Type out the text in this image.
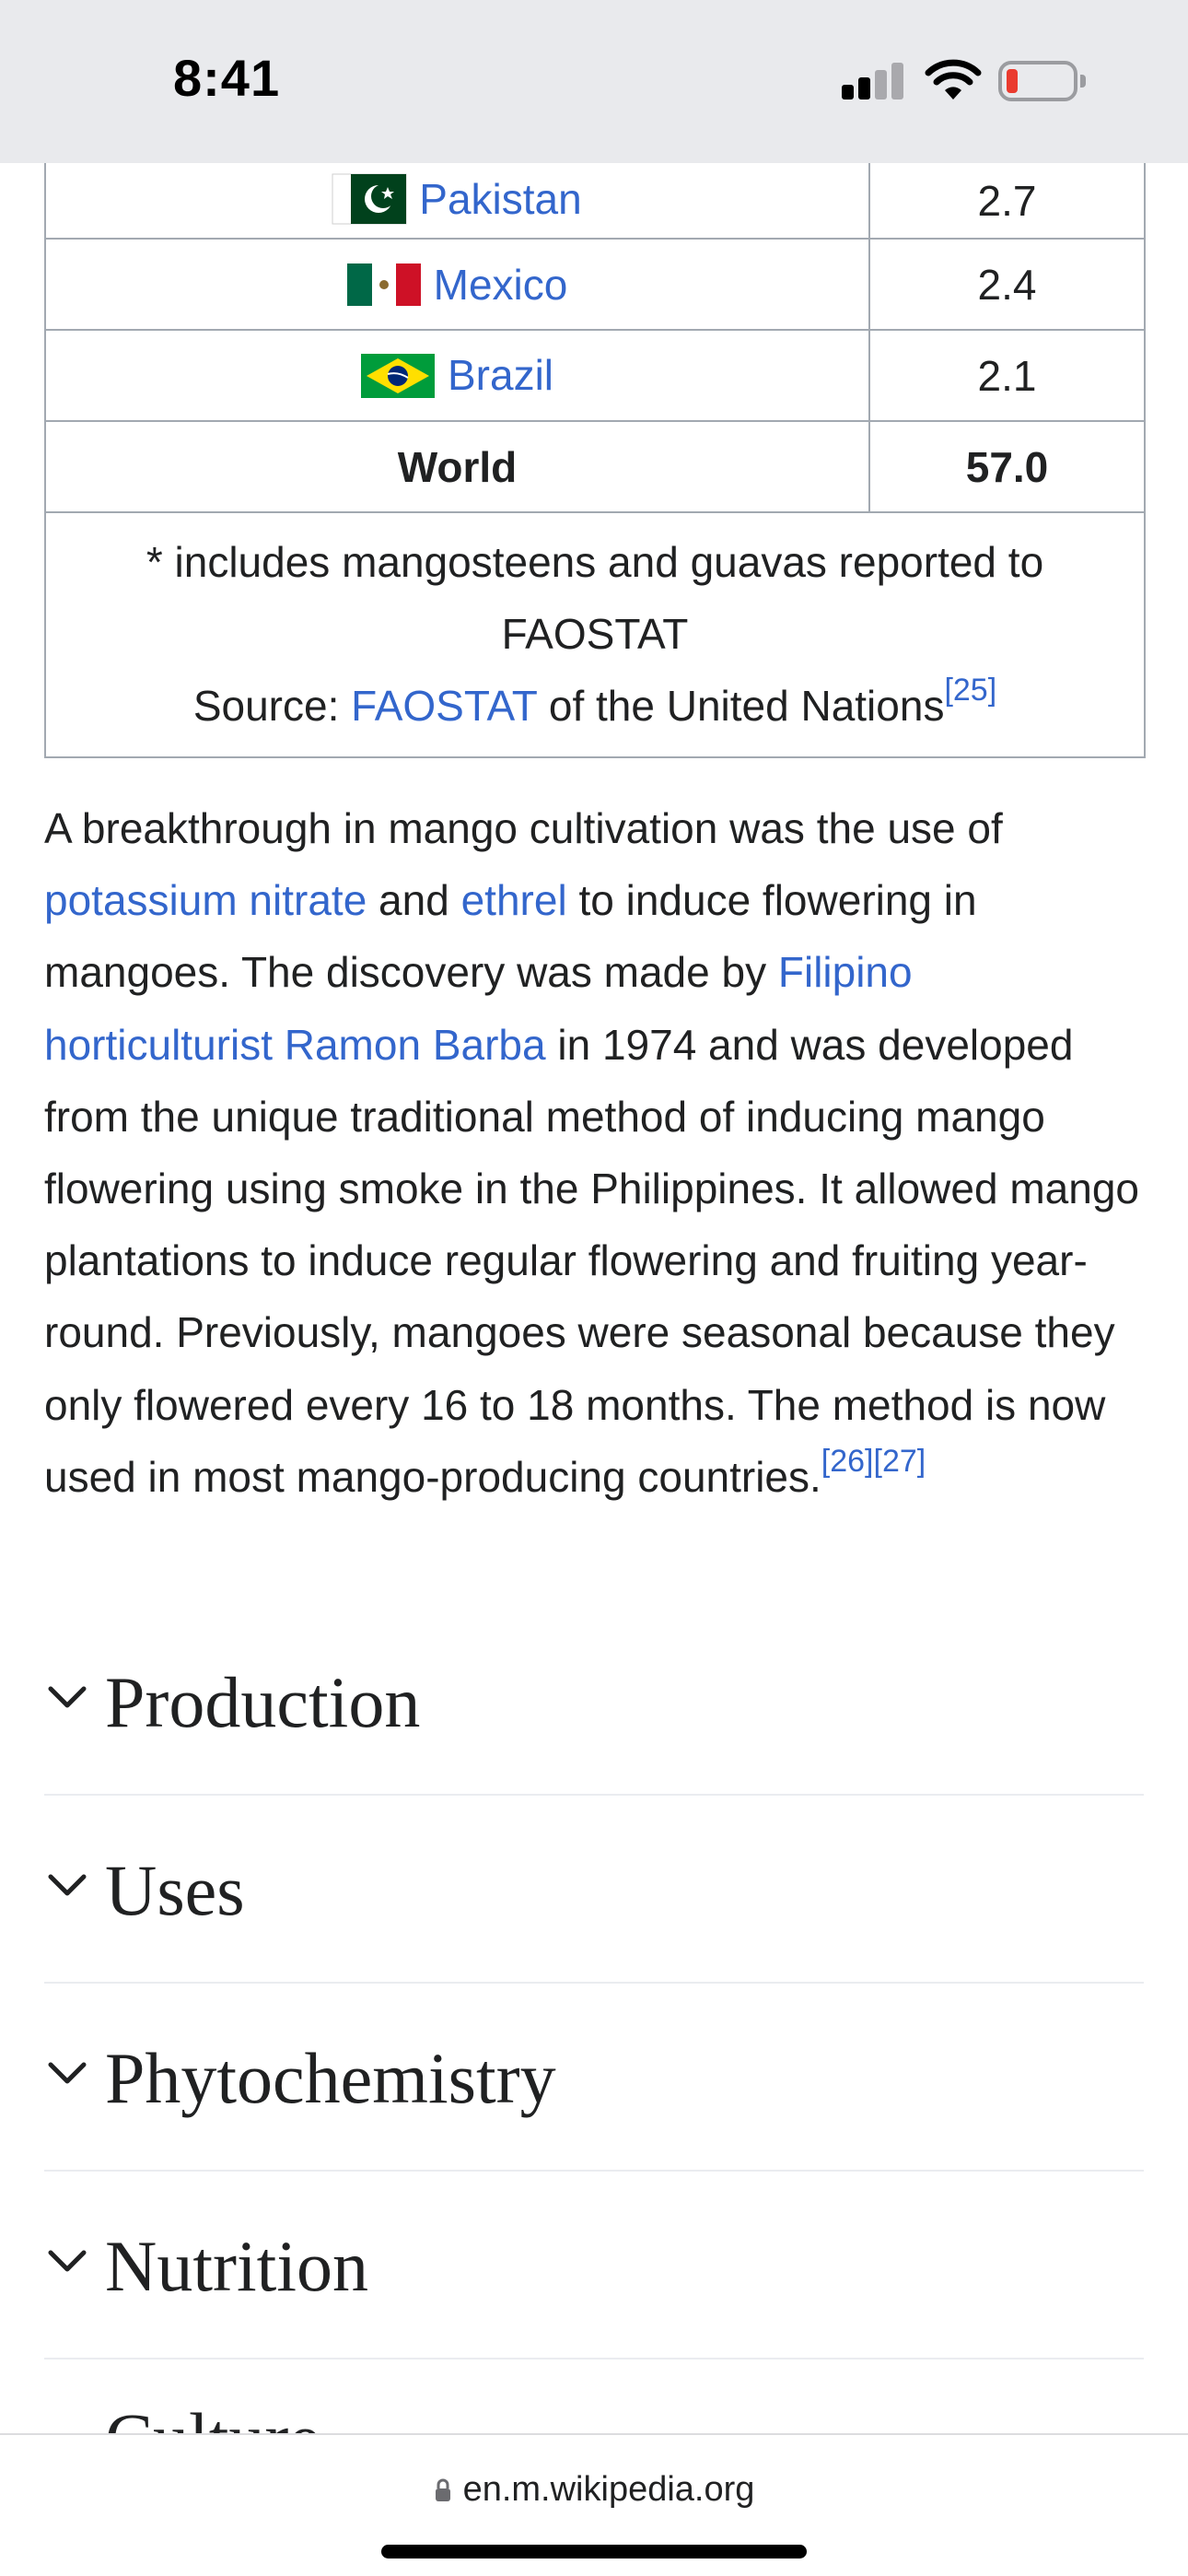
8:41
Pakistan	2.7
Mexico	2.4
Brazil	2.1
World	57.0
* includes mangosteens and guavas reported to FAOSTAT
Source: FAOSTAT of the United Nations[25]

A breakthrough in mango cultivation was the use of potassium nitrate and ethrel to induce flowering in mangoes. The discovery was made by Filipino horticulturist Ramon Barba in 1974 and was developed from the unique traditional method of inducing mango flowering using smoke in the Philippines. It allowed mango plantations to induce regular flowering and fruiting year-round. Previously, mangoes were seasonal because they only flowered every 16 to 18 months. The method is now used in most mango-producing countries.[26][27]

Production
Uses
Phytochemistry
Nutrition
en.m.wikipedia.org
